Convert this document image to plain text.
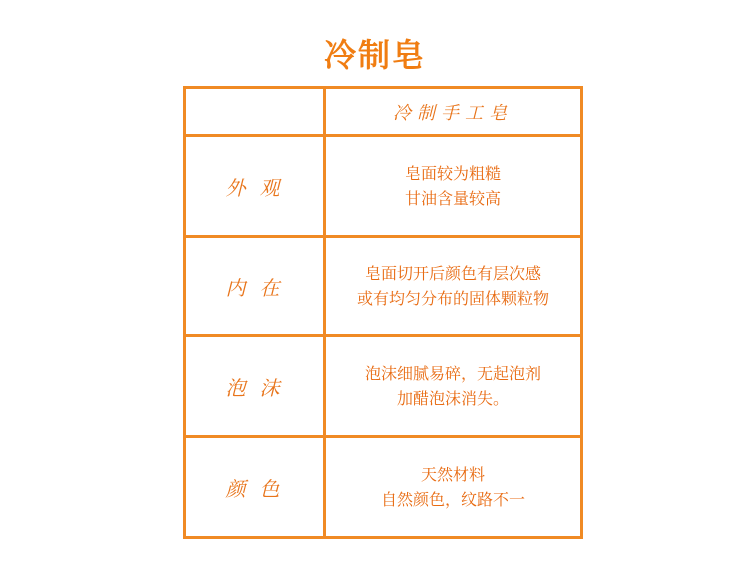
冷制皂
冷制手工皂
外观
皂面较为粗糙
甘油含量较高
内在
皂面切开后颜色有层次感
或有均匀分布的固体颗粒物
泡沫
泡沫细腻易碎，无起泡剂
加醋泡沫消失。
颜色
天然材料
自然颜色，纹路不一
